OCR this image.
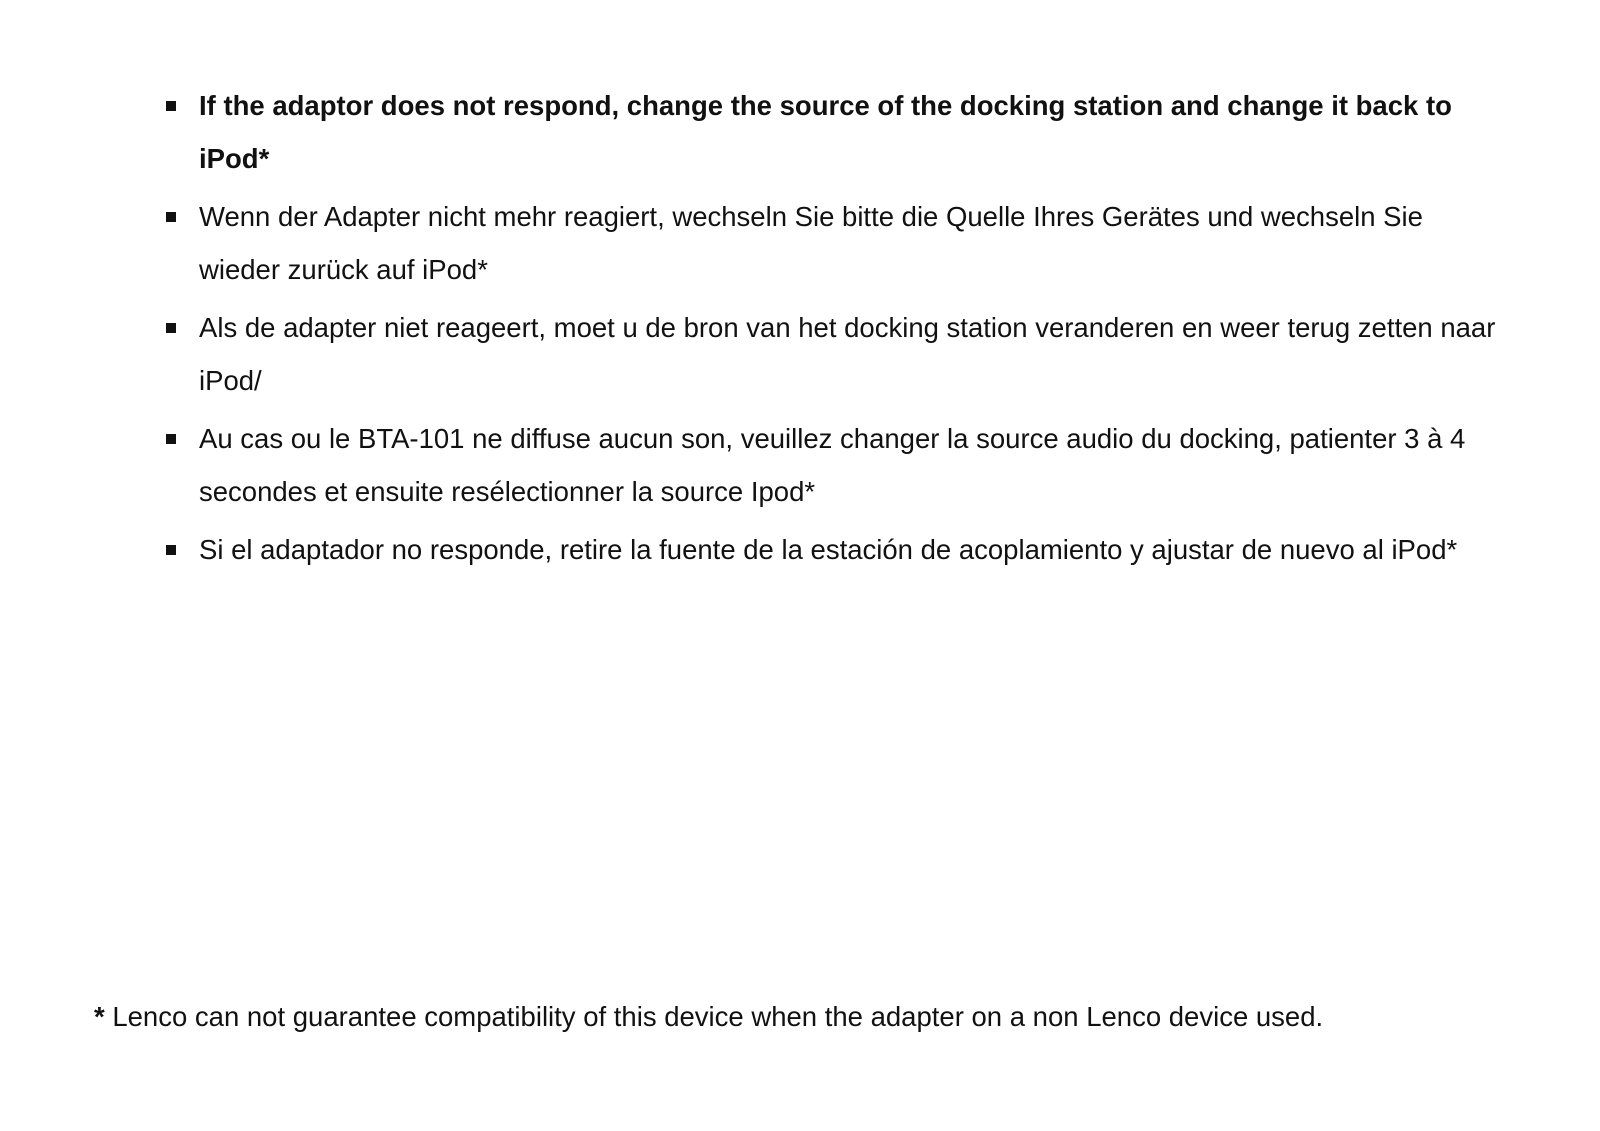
If the adaptor does not respond, change the source of the docking station and change it back to iPod*
Wenn der Adapter nicht mehr reagiert, wechseln Sie bitte die Quelle Ihres Gerätes und wechseln Sie wieder zurück auf iPod*
Als de adapter niet reageert, moet u de bron van het docking station veranderen en weer terug zetten naar iPod/
Au cas ou le BTA-101 ne diffuse aucun son, veuillez changer la source audio du docking, patienter 3 à 4 secondes et ensuite resélectionner la source Ipod*
Si el adaptador no responde, retire la fuente de la estación de acoplamiento y ajustar de nuevo al iPod*
* Lenco can not guarantee compatibility of this device when the adapter on a non Lenco device used.
